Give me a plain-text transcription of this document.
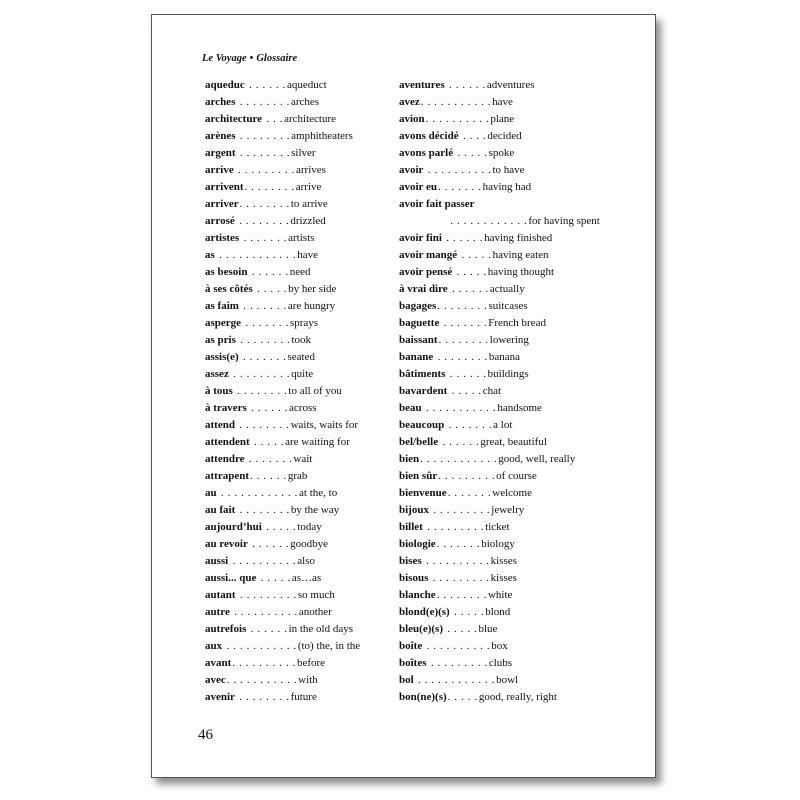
Le Voyage • Glossaire
aqueduc . . . . . .aqueduct
arches . . . . . . . .arches
architecture . . .architecture
arènes . . . . . . . .amphitheaters
argent . . . . . . . .silver
arrive . . . . . . . . .arrives
arrivent. . . . . . . .arrive
arriver. . . . . . . .to arrive
arrosé . . . . . . . .drizzled
artistes . . . . . . .artists
as . . . . . . . . . . . .have
as besoin . . . . . .need
à ses côtés . . . . .by her side
as faim . . . . . . .are hungry
asperge . . . . . . .sprays
as pris . . . . . . . .took
assis(e) . . . . . . .seated
assez . . . . . . . . .quite
à tous . . . . . . . .to all of you
à travers . . . . . .across
attend . . . . . . . .waits, waits for
attendent . . . . .are waiting for
attendre . . . . . . .wait
attrapent. . . . . .grab
au . . . . . . . . . . . .at the, to
au fait . . . . . . . .by the way
aujourd’hui . . . . .today
au revoir . . . . . .goodbye
aussi . . . . . . . . . .also
aussi... que . . . . .as…as
autant . . . . . . . . .so much
autre . . . . . . . . . .another
autrefois . . . . . .in the old days
aux . . . . . . . . . . .(to) the, in the
avant. . . . . . . . . .before
avec. . . . . . . . . . .with
avenir . . . . . . . .future
aventures . . . . . .adventures
avez. . . . . . . . . . .have
avion. . . . . . . . . .plane
avons décidé . . . .decided
avons parlé . . . . .spoke
avoir . . . . . . . . . .to have
avoir eu. . . . . . .having had
avoir fait passer
. . . . . . . . . . . .for having spent
avoir fini . . . . . .having finished
avoir mangé . . . . .having eaten
avoir pensé . . . . .having thought
à vrai dire . . . . . .actually
bagages. . . . . . . .suitcases
baguette . . . . . . .French bread
baissant. . . . . . . .lowering
banane . . . . . . . .banana
bâtiments . . . . . .buildings
bavardent . . . . .chat
beau . . . . . . . . . . .handsome
beaucoup . . . . . . .a lot
bel/belle . . . . . .great, beautiful
bien. . . . . . . . . . . .good, well, really
bien sûr. . . . . . . . .of course
bienvenue. . . . . . .welcome
bijoux . . . . . . . . .jewelry
billet . . . . . . . . .ticket
biologie. . . . . . .biology
bises . . . . . . . . . .kisses
bisous . . . . . . . . .kisses
blanche. . . . . . . .white
blond(e)(s) . . . . .blond
bleu(e)(s) . . . . .blue
boîte . . . . . . . . . .box
boîtes . . . . . . . . .clubs
bol . . . . . . . . . . . .bowl
bon(ne)(s). . . . .good, really, right
46
